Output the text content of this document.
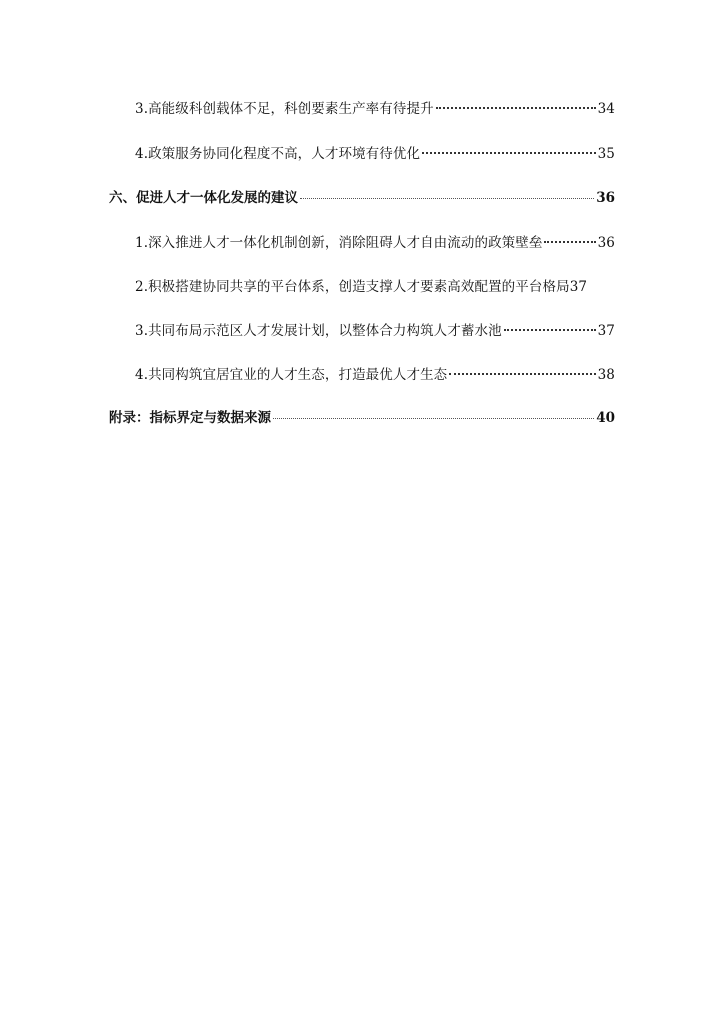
3.高能级科创载体不足，科创要素生产率有待提升	34
4.政策服务协同化程度不高，人才环境有待优化	35
六、促进人才一体化发展的建议	36
1.深入推进人才一体化机制创新，消除阻碍人才自由流动的政策壁垒	36
2.积极搭建协同共享的平台体系，创造支撑人才要素高效配置的平台格局 37
3.共同布局示范区人才发展计划，以整体合力构筑人才蓄水池	37
4.共同构筑宜居宜业的人才生态，打造最优人才生态	38
附录：指标界定与数据来源	40
